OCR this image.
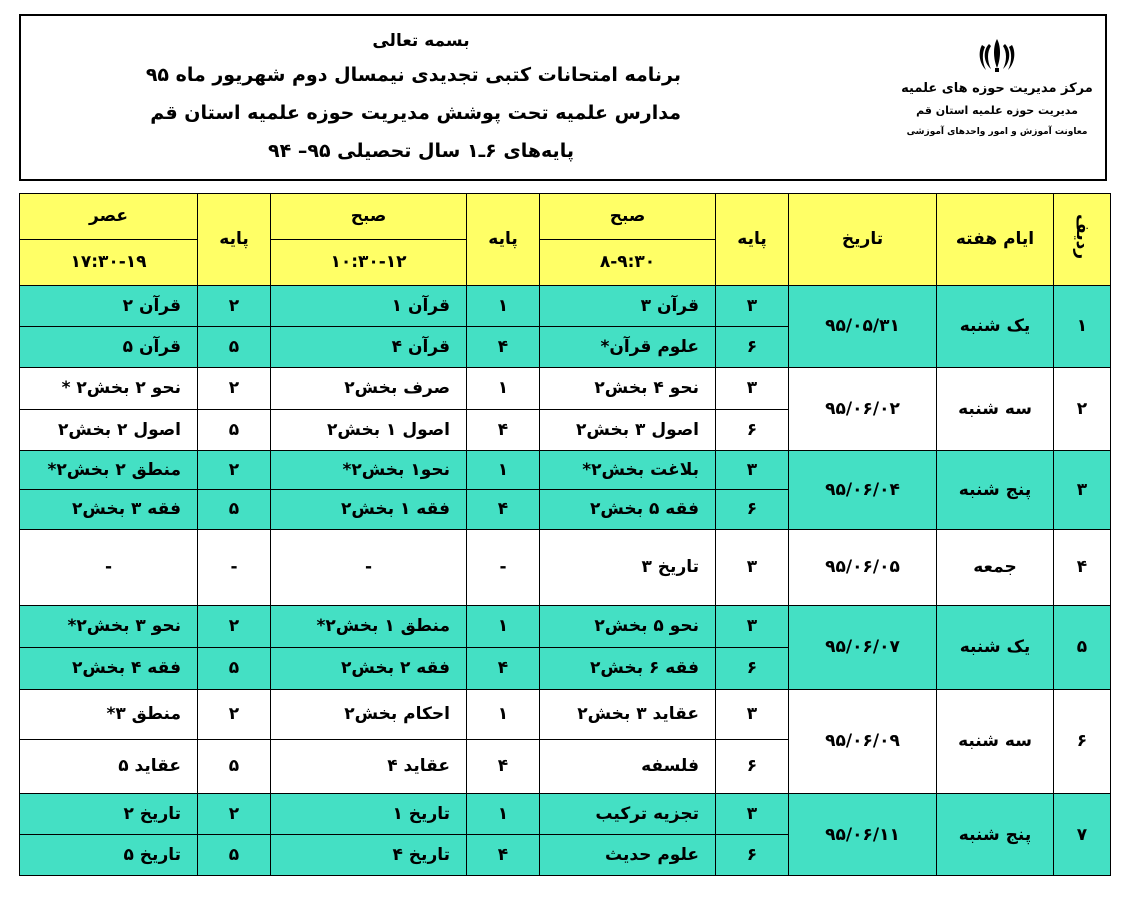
بسمه تعالی
برنامه امتحانات کتبی تجدیدی نیمسال دوم شهریور ماه ۹۵
مدارس علمیه تحت پوشش مدیریت حوزه علمیه استان قم
پایه‌های ۶ـ۱ سال تحصیلی ۹۵– ۹۴
مرکز مدیریت حوزه های علمیه
مدیریت حوزه علمیه استان قم
معاونت آموزش و امور واحدهای آموزشی
ردیف	ایام هفته	تاریخ	پایه	صبح	پایه	صبح	پایه	عصر
				۸-۹:۳۰		۱۰:۳۰-۱۲		۱۷:۳۰-۱۹
۱	یک شنبه	۹۵/۰۵/۳۱	۳	قرآن ۳	۱	قرآن ۱	۲	قرآن ۲
			۶	علوم قرآن*	۴	قرآن ۴	۵	قرآن ۵
۲	سه شنبه	۹۵/۰۶/۰۲	۳	نحو ۴ بخش۲	۱	صرف بخش۲	۲	نحو ۲ بخش۲ *
			۶	اصول ۳ بخش۲	۴	اصول ۱ بخش۲	۵	اصول ۲ بخش۲
۳	پنج شنبه	۹۵/۰۶/۰۴	۳	بلاغت بخش۲*	۱	نحو۱ بخش۲*	۲	منطق ۲ بخش۲*
			۶	فقه ۵ بخش۲	۴	فقه ۱ بخش۲	۵	فقه ۳ بخش۲
۴	جمعه	۹۵/۰۶/۰۵	۳	تاریخ ۳	-	-	-	-
۵	یک شنبه	۹۵/۰۶/۰۷	۳	نحو ۵ بخش۲	۱	منطق ۱ بخش۲*	۲	نحو ۳ بخش۲*
			۶	فقه ۶ بخش۲	۴	فقه ۲ بخش۲	۵	فقه ۴ بخش۲
۶	سه شنبه	۹۵/۰۶/۰۹	۳	عقاید ۳ بخش۲	۱	احکام بخش۲	۲	منطق ۳*
			۶	فلسفه	۴	عقاید ۴	۵	عقاید ۵
۷	پنج شنبه	۹۵/۰۶/۱۱	۳	تجزیه ترکیب	۱	تاریخ ۱	۲	تاریخ ۲
			۶	علوم حدیث	۴	تاریخ ۴	۵	تاریخ ۵
